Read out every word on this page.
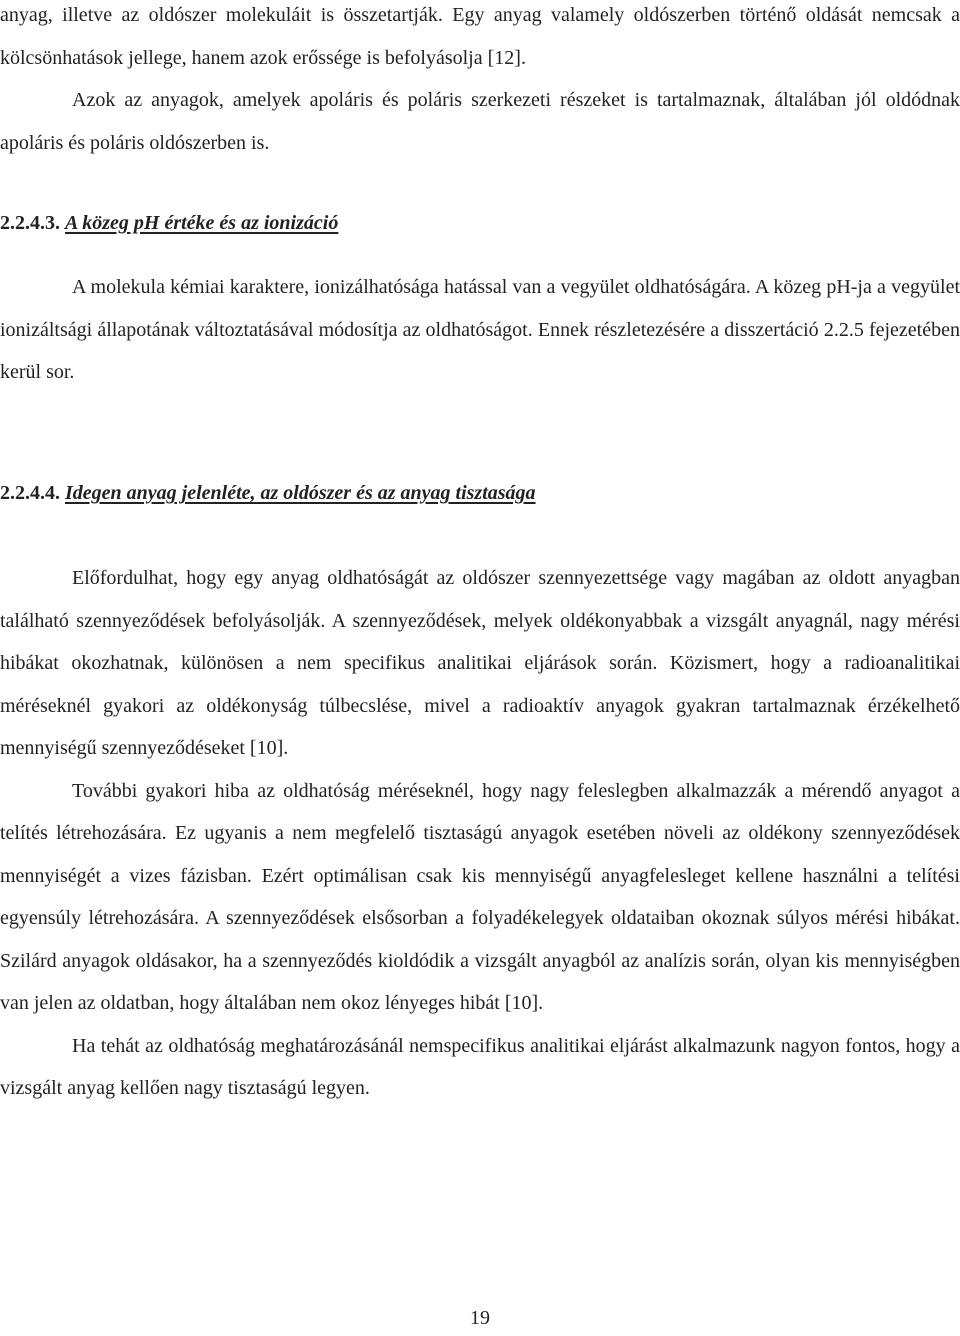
anyag, illetve az oldószer molekuláit is összetartják. Egy anyag valamely oldószerben történő oldását nemcsak a kölcsönhatások jellege, hanem azok erőssége is befolyásolja [12].

Azok az anyagok, amelyek apoláris és poláris szerkezeti részeket is tartalmaznak, általában jól oldódnak apoláris és poláris oldószerben is.

2.2.4.3. A közeg pH értéke és az ionizáció

A molekula kémiai karaktere, ionizálhatósága hatással van a vegyület oldhatóságára. A közeg pH-ja a vegyület ionizáltsági állapotának változtatásával módosítja az oldhatóságot. Ennek részletezésére a disszertáció 2.2.5 fejezetében kerül sor.

2.2.4.4. Idegen anyag jelenléte, az oldószer és az anyag tisztasága

Előfordulhat, hogy egy anyag oldhatóságát az oldószer szennyezettsége vagy magában az oldott anyagban található szennyeződések befolyásolják. A szennyeződések, melyek oldékonyabbak a vizsgált anyagnál, nagy mérési hibákat okozhatnak, különösen a nem specifikus analitikai eljárások során. Közismert, hogy a radioanalitikai méréseknél gyakori az oldékonyság túlbecslése, mivel a radioaktív anyagok gyakran tartalmaznak érzékelhető mennyiségű szennyeződéseket [10].

További gyakori hiba az oldhatóság méréseknél, hogy nagy feleslegben alkalmazzák a mérendő anyagot a telítés létrehozására. Ez ugyanis a nem megfelelő tisztaságú anyagok esetében növeli az oldékony szennyeződések mennyiségét a vizes fázisban. Ezért optimálisan csak kis mennyiségű anyagfelesleget kellene használni a telítési egyensúly létrehozására. A szennyeződések elsősorban a folyadékelegyek oldataiban okoznak súlyos mérési hibákat. Szilárd anyagok oldásakor, ha a szennyeződés kioldódik a vizsgált anyagból az analízis során, olyan kis mennyiségben van jelen az oldatban, hogy általában nem okoz lényeges hibát [10].

Ha tehát az oldhatóság meghatározásánál nemspecifikus analitikai eljárást alkalmazunk nagyon fontos, hogy a vizsgált anyag kellően nagy tisztaságú legyen.

19
